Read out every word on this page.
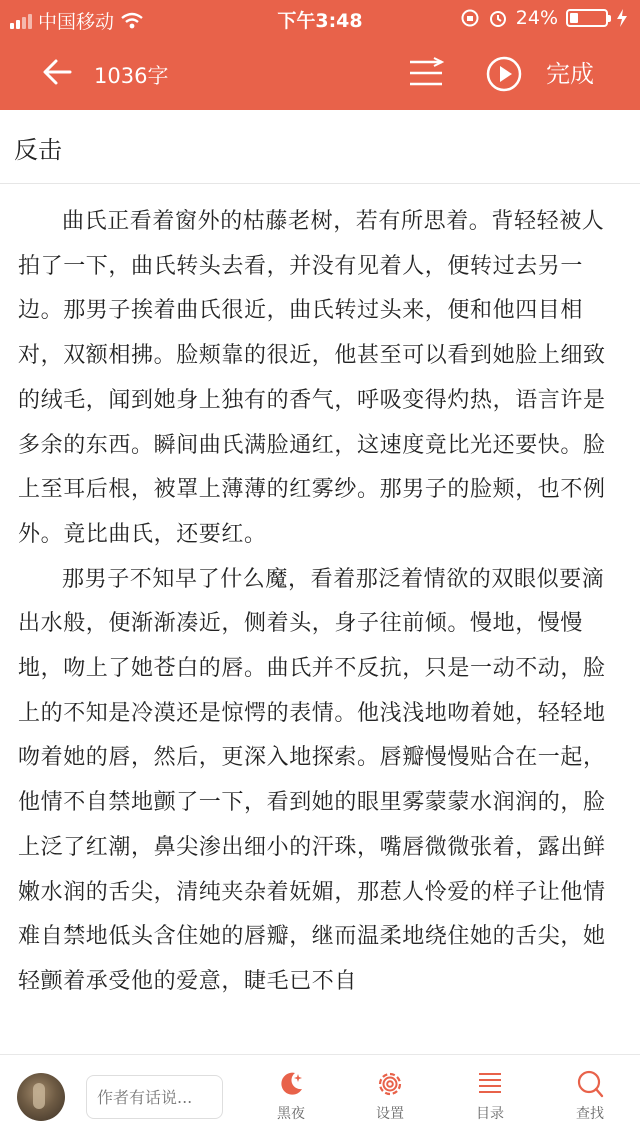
中国移动	下午3:48	24%
1036字	完成
反击

曲氏正看着窗外的枯藤老树，若有所思着。背轻轻被人拍了一下，曲氏转头去看，并没有见着人，便转过去另一边。那男子挨着曲氏很近，曲氏转过头来，便和他四目相对，双额相拂。脸颊靠的很近，他甚至可以看到她脸上细致的绒毛，闻到她身上独有的香气，呼吸变得灼热，语言许是多余的东西。瞬间曲氏满脸通红，这速度竟比光还要快。脸上至耳后根，被罩上薄薄的红雾纱。那男子的脸颊，也不例外。竟比曲氏，还要红。

那男子不知早了什么魔，看着那泛着情欲的双眼似要滴出水般，便渐渐凑近，侧着头，身子往前倾。慢地，慢慢地，吻上了她苍白的唇。曲氏并不反抗，只是一动不动，脸上的不知是冷漠还是惊愕的表情。他浅浅地吻着她，轻轻地吻着她的唇，然后，更深入地探索。唇瓣慢慢贴合在一起，他情不自禁地颤了一下，看到她的眼里雾蒙蒙水润润的，脸上泛了红潮，鼻尖渗出细小的汗珠，嘴唇微微张着，露出鲜嫩水润的舌尖，清纯夹杂着妩媚，那惹人怜爱的样子让他情难自禁地低头含住她的唇瓣，继而温柔地绕住她的舌尖，她轻颤着承受他的爱意，睫毛已不自

作者有话说...
黑夜	设置	目录	查找
